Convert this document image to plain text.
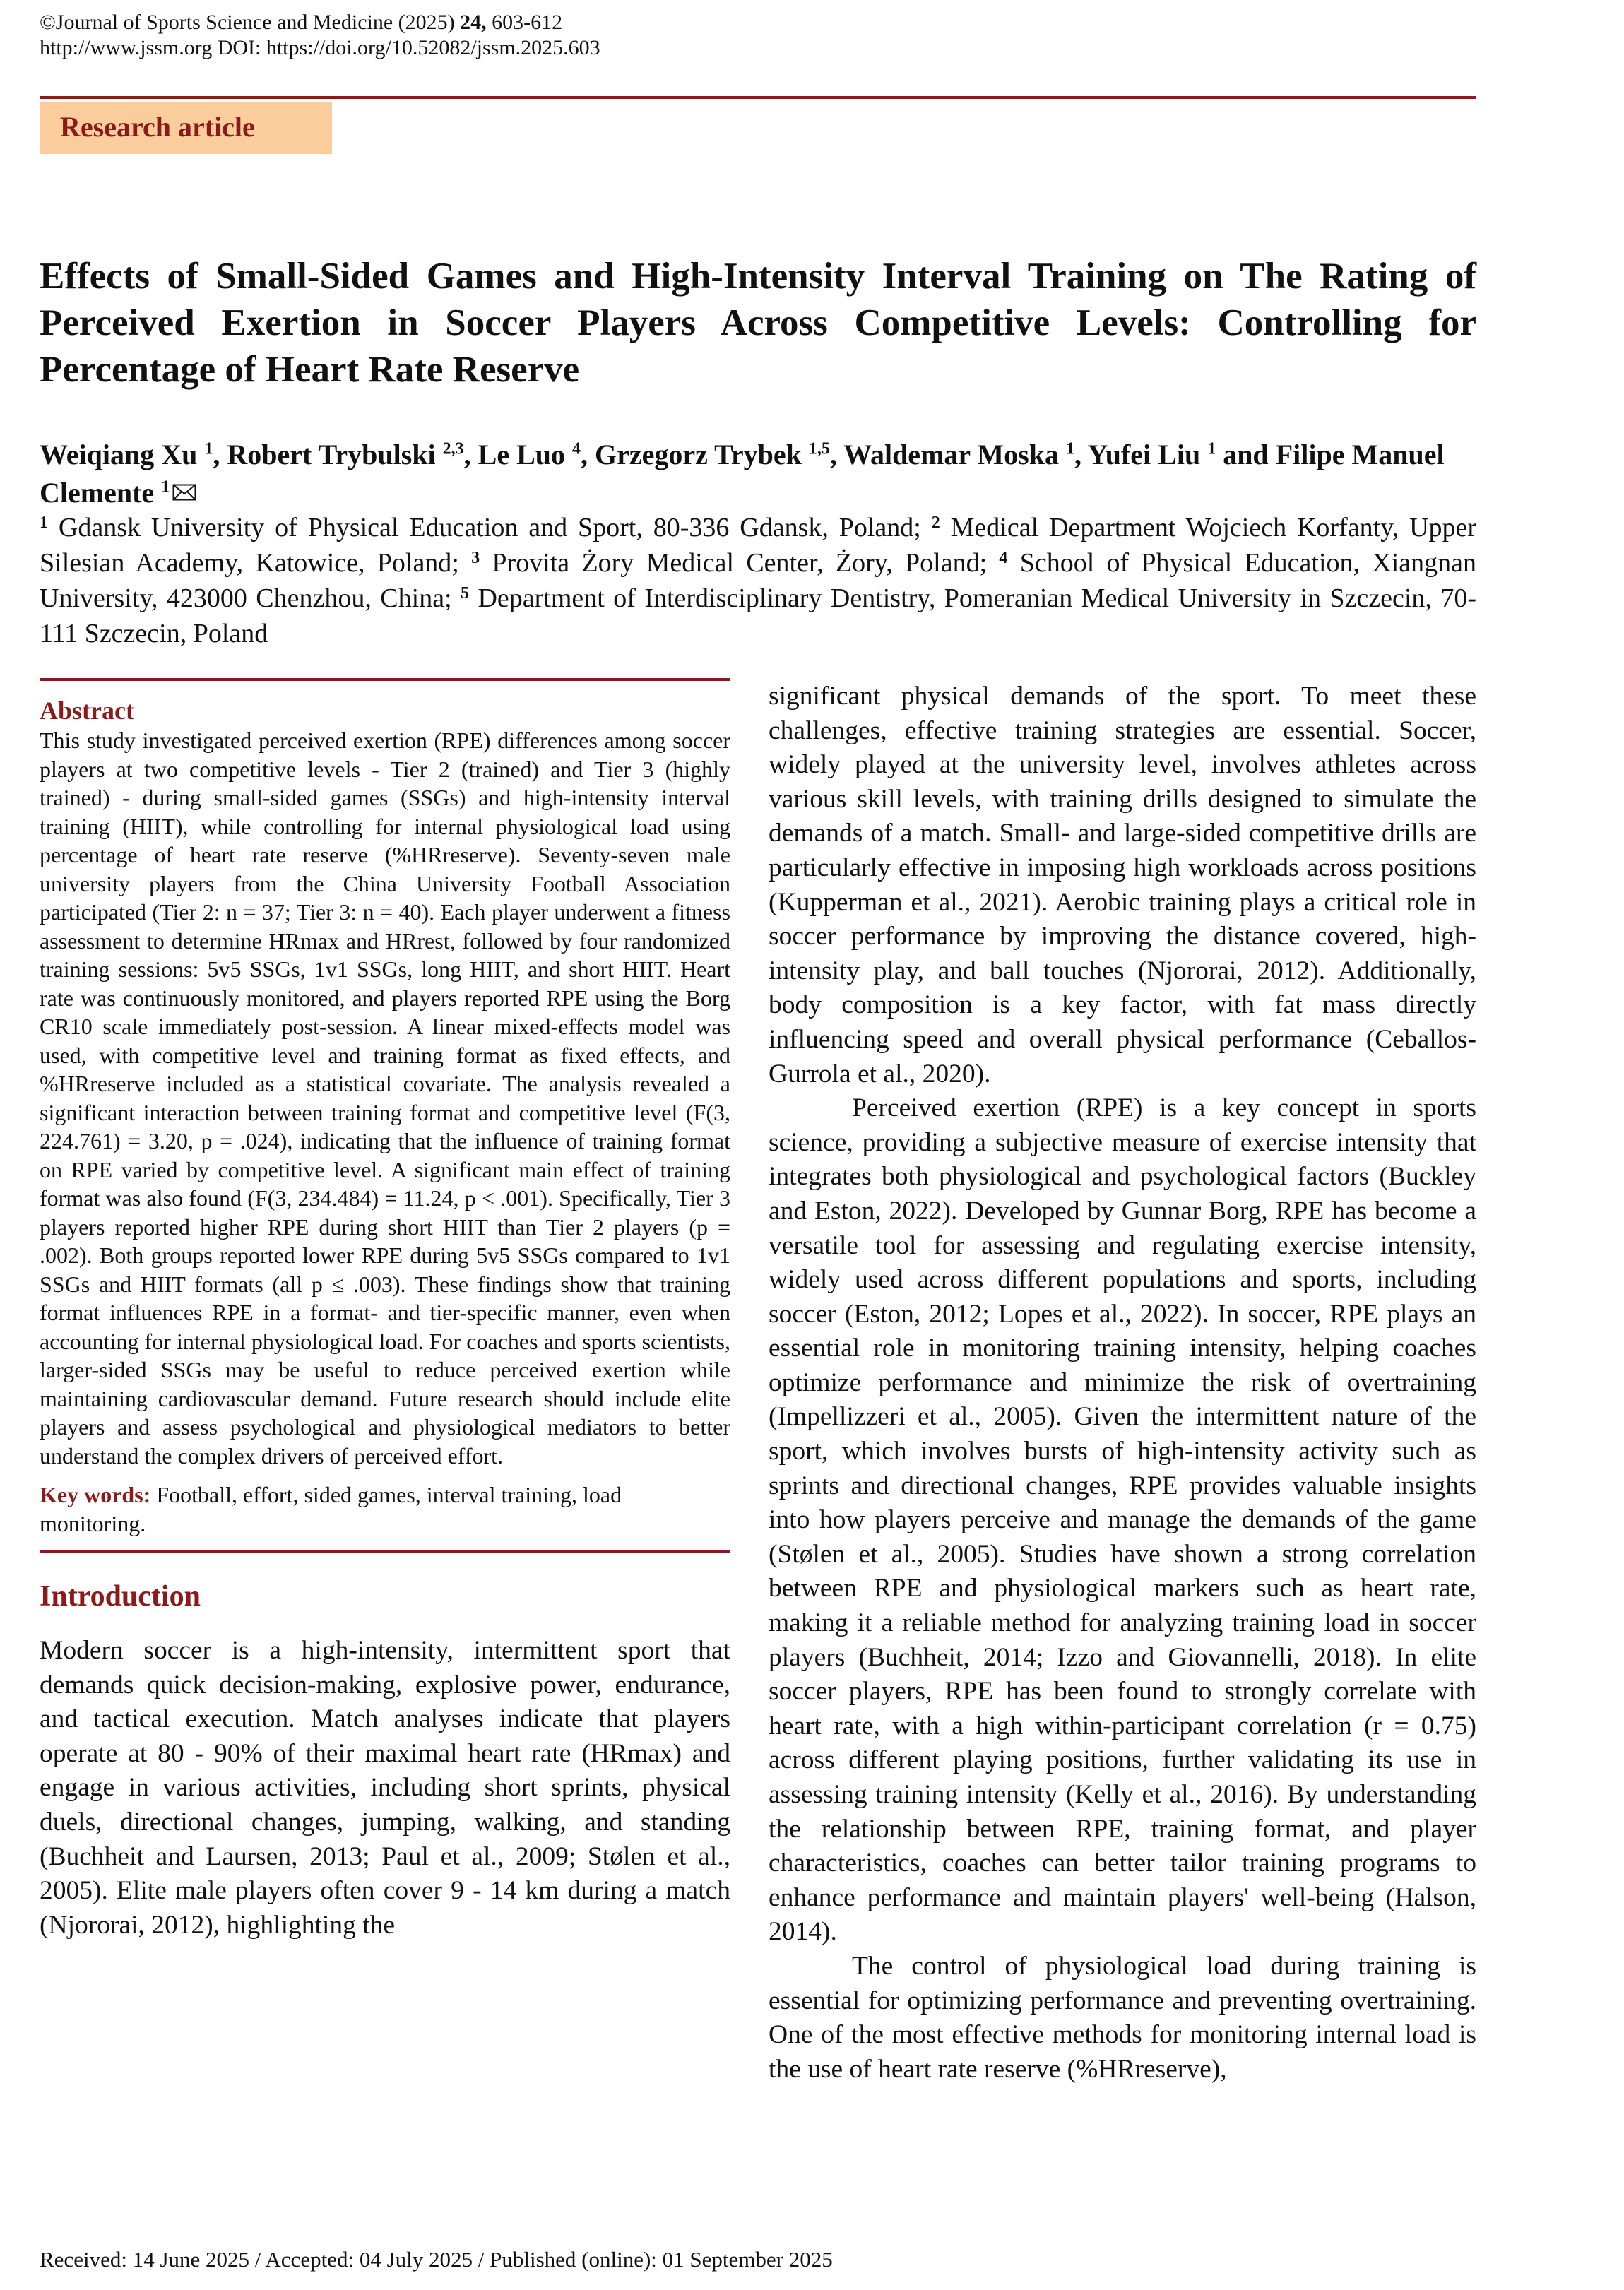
©Journal of Sports Science and Medicine (2025) 24, 603-612
http://www.jssm.org DOI: https://doi.org/10.52082/jssm.2025.603
Research article
Effects of Small-Sided Games and High-Intensity Interval Training on The Rating of Perceived Exertion in Soccer Players Across Competitive Levels: Controlling for Percentage of Heart Rate Reserve
Weiqiang Xu $^1$, Robert Trybulski $^{2,3}$, Le Luo $^4$, Grzegorz Trybek $^{1,5}$, Waldemar Moska $^1$, Yufei Liu $^1$ and Filipe Manuel Clemente $^1$
$^1$ Gdansk University of Physical Education and Sport, 80-336 Gdansk, Poland; $^2$ Medical Department Wojciech Korfanty, Upper Silesian Academy, Katowice, Poland; $^3$ Provita Żory Medical Center, Żory, Poland; $^4$ School of Physical Education, Xiangnan University, 423000 Chenzhou, China; $^5$ Department of Interdisciplinary Dentistry, Pomeranian Medical University in Szczecin, 70-111 Szczecin, Poland
Abstract

This study investigated perceived exertion (RPE) differences among soccer players at two competitive levels - Tier 2 (trained) and Tier 3 (highly trained) - during small-sided games (SSGs) and high-intensity interval training (HIIT), while controlling for internal physiological load using percentage of heart rate reserve (%HRreserve). Seventy-seven male university players from the China University Football Association participated (Tier 2: n = 37; Tier 3: n = 40). Each player underwent a fitness assessment to determine HRmax and HRrest, followed by four randomized training sessions: 5v5 SSGs, 1v1 SSGs, long HIIT, and short HIIT. Heart rate was continuously monitored, and players reported RPE using the Borg CR10 scale immediately post-session. A linear mixed-effects model was used, with competitive level and training format as fixed effects, and %HRreserve included as a statistical covariate. The analysis revealed a significant interaction between training format and competitive level (F(3, 224.761) = 3.20, p = .024), indicating that the influence of training format on RPE varied by competitive level. A significant main effect of training format was also found (F(3, 234.484) = 11.24, p < .001). Specifically, Tier 3 players reported higher RPE during short HIIT than Tier 2 players (p = .002). Both groups reported lower RPE during 5v5 SSGs compared to 1v1 SSGs and HIIT formats (all p ≤ .003). These findings show that training format influences RPE in a format- and tier-specific manner, even when accounting for internal physiological load. For coaches and sports scientists, larger-sided SSGs may be useful to reduce perceived exertion while maintaining cardiovascular demand. Future research should include elite players and assess psychological and physiological mediators to better understand the complex drivers of perceived effort.

Key words: Football, effort, sided games, interval training, load monitoring.
Introduction

Modern soccer is a high-intensity, intermittent sport that demands quick decision-making, explosive power, endurance, and tactical execution. Match analyses indicate that players operate at 80 - 90% of their maximal heart rate (HRmax) and engage in various activities, including short sprints, physical duels, directional changes, jumping, walking, and standing (Buchheit and Laursen, 2013; Paul et al., 2009; Stølen et al., 2005). Elite male players often cover 9 - 14 km during a match (Njororai, 2012), highlighting the

significant physical demands of the sport. To meet these challenges, effective training strategies are essential. Soccer, widely played at the university level, involves athletes across various skill levels, with training drills designed to simulate the demands of a match. Small- and large-sided competitive drills are particularly effective in imposing high workloads across positions (Kupperman et al., 2021). Aerobic training plays a critical role in soccer performance by improving the distance covered, high-intensity play, and ball touches (Njororai, 2012). Additionally, body composition is a key factor, with fat mass directly influencing speed and overall physical performance (Ceballos-Gurrola et al., 2020).

Perceived exertion (RPE) is a key concept in sports science, providing a subjective measure of exercise intensity that integrates both physiological and psychological factors (Buckley and Eston, 2022). Developed by Gunnar Borg, RPE has become a versatile tool for assessing and regulating exercise intensity, widely used across different populations and sports, including soccer (Eston, 2012; Lopes et al., 2022). In soccer, RPE plays an essential role in monitoring training intensity, helping coaches optimize performance and minimize the risk of overtraining (Impellizzeri et al., 2005). Given the intermittent nature of the sport, which involves bursts of high-intensity activity such as sprints and directional changes, RPE provides valuable insights into how players perceive and manage the demands of the game (Stølen et al., 2005). Studies have shown a strong correlation between RPE and physiological markers such as heart rate, making it a reliable method for analyzing training load in soccer players (Buchheit, 2014; Izzo and Giovannelli, 2018). In elite soccer players, RPE has been found to strongly correlate with heart rate, with a high within-participant correlation (r = 0.75) across different playing positions, further validating its use in assessing training intensity (Kelly et al., 2016). By understanding the relationship between RPE, training format, and player characteristics, coaches can better tailor training programs to enhance performance and maintain players' well-being (Halson, 2014).

The control of physiological load during training is essential for optimizing performance and preventing overtraining. One of the most effective methods for monitoring internal load is the use of heart rate reserve (%HRreserve),

Received: 14 June 2025 / Accepted: 04 July 2025 / Published (online): 01 September 2025
